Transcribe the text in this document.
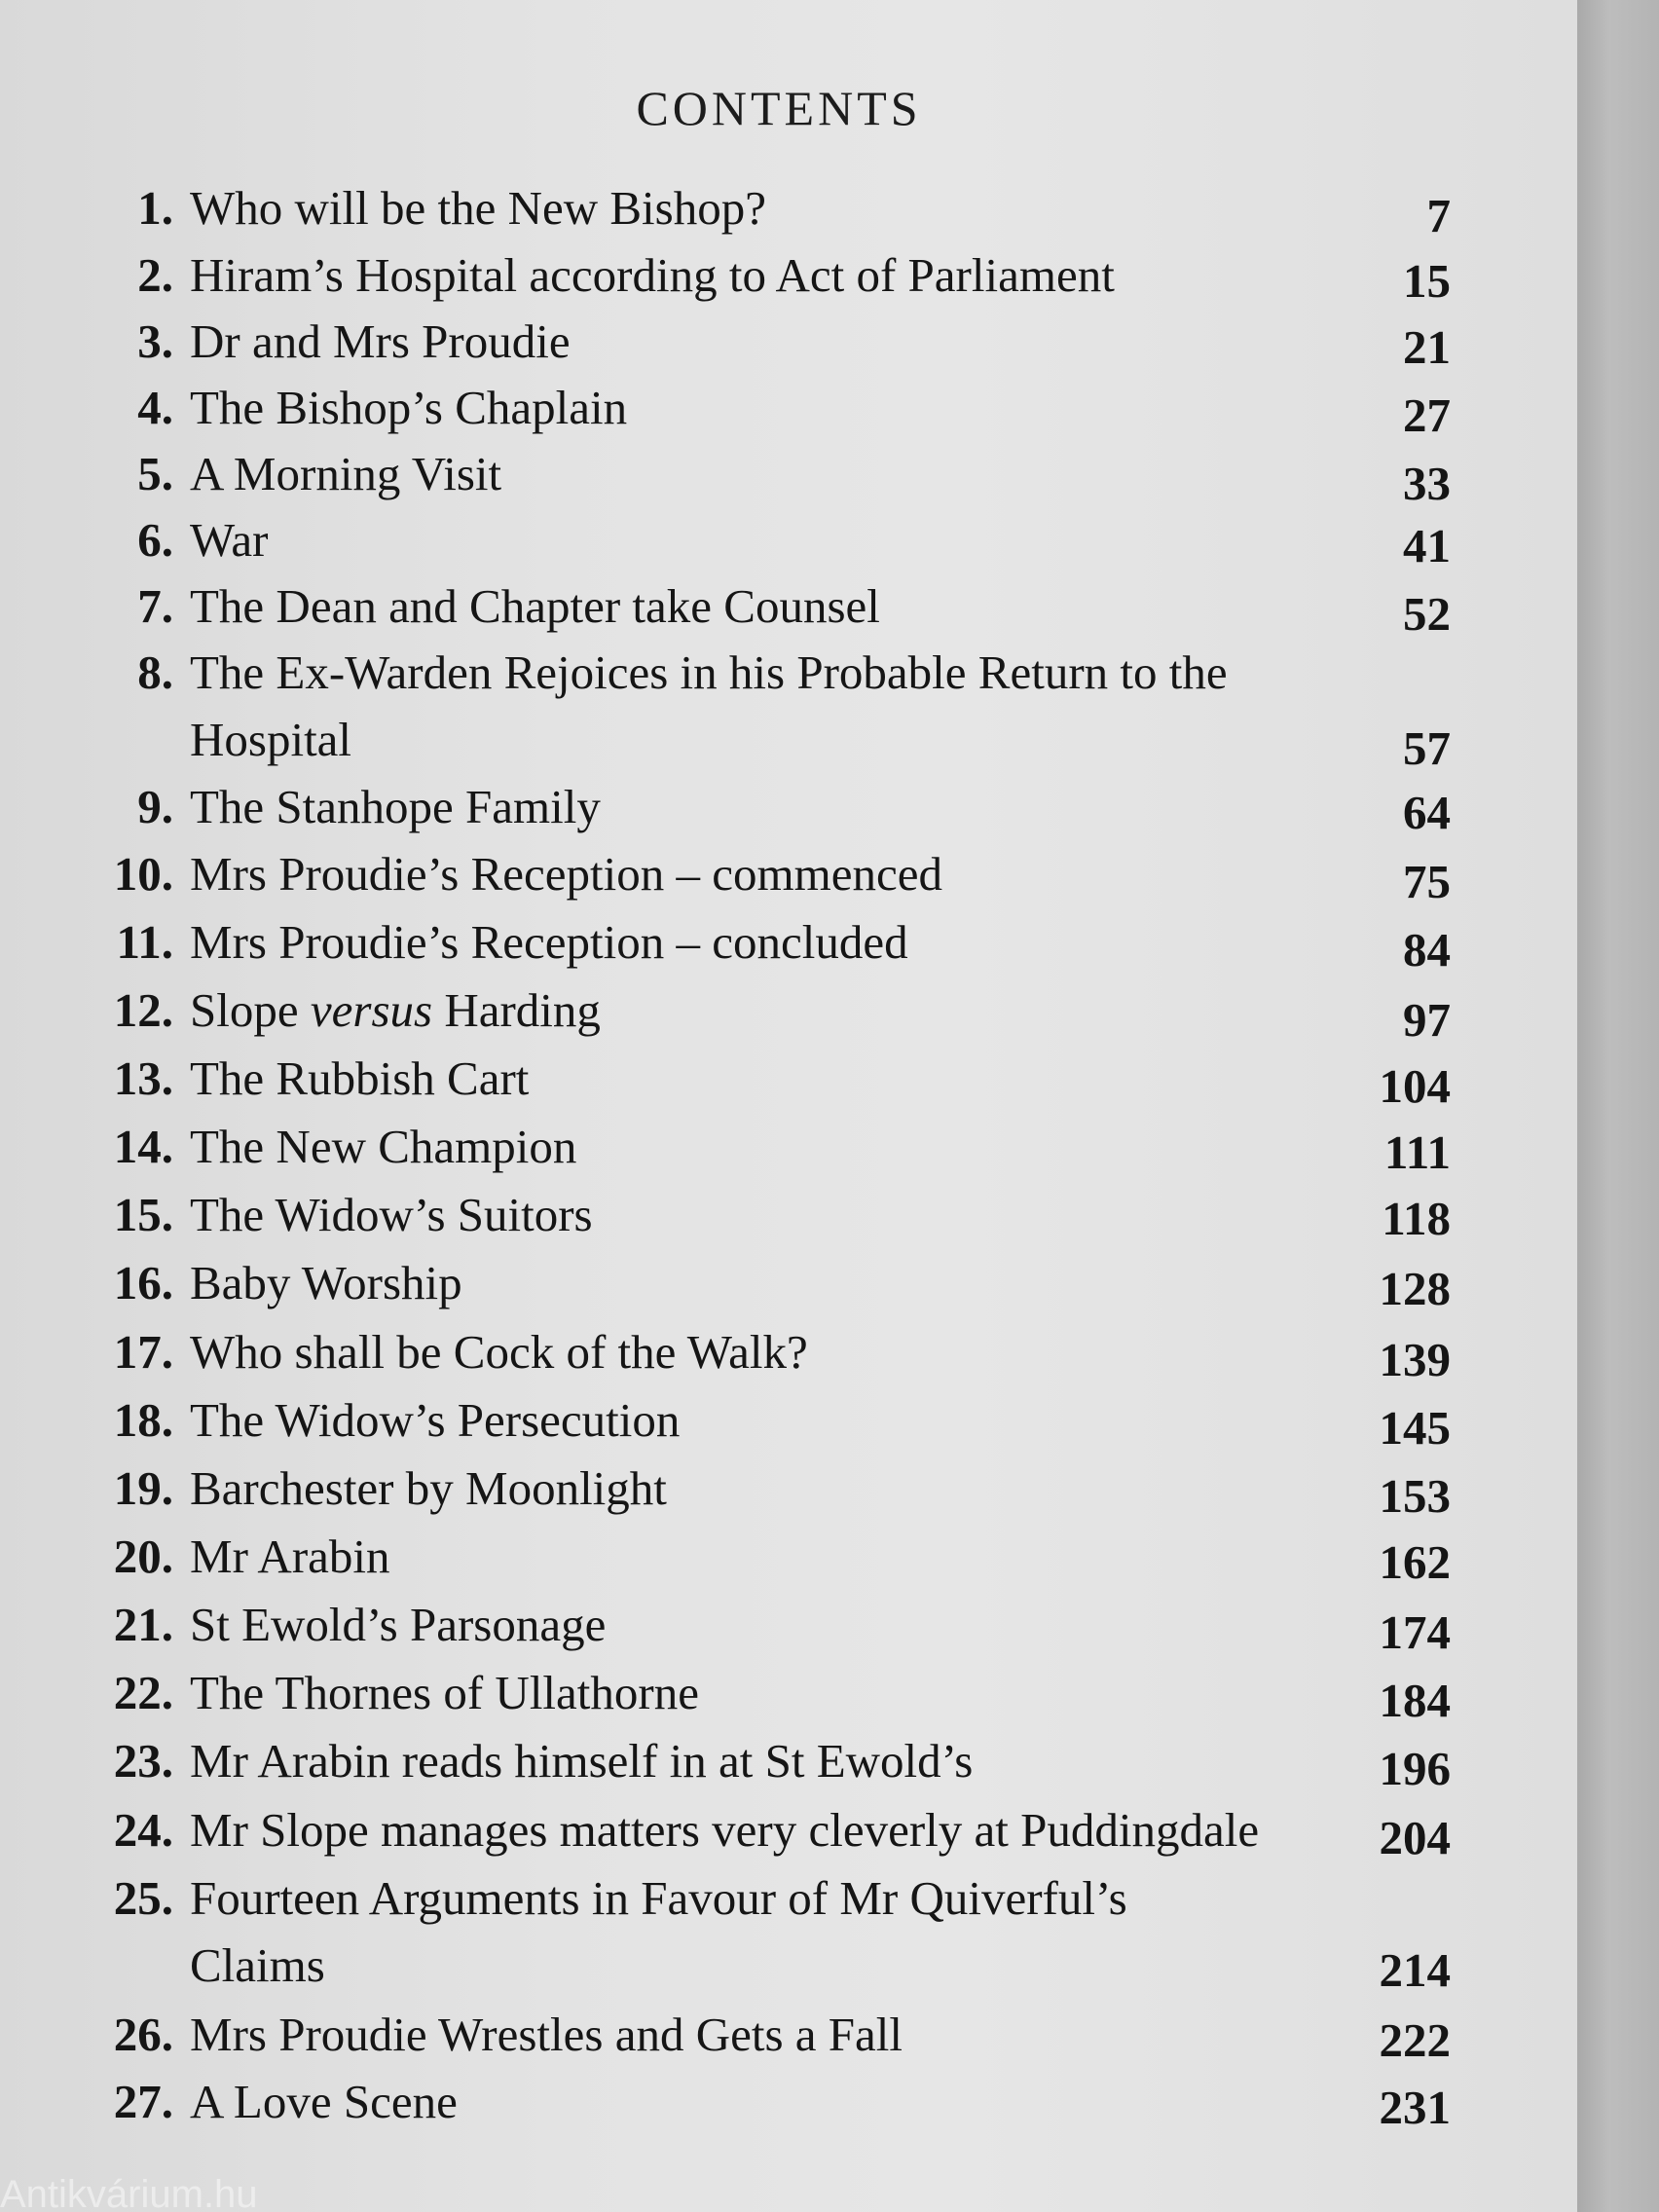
CONTENTS
1. Who will be the New Bishop?	7
2. Hiram’s Hospital according to Act of Parliament	15
3. Dr and Mrs Proudie	21
4. The Bishop’s Chaplain	27
5. A Morning Visit	33
6. War	41
7. The Dean and Chapter take Counsel	52
8. The Ex-Warden Rejoices in his Probable Return to the
Hospital	57
9. The Stanhope Family	64
10. Mrs Proudie’s Reception – commenced	75
11. Mrs Proudie’s Reception – concluded	84
12. Slope versus Harding	97
13. The Rubbish Cart	104
14. The New Champion	111
15. The Widow’s Suitors	118
16. Baby Worship	128
17. Who shall be Cock of the Walk?	139
18. The Widow’s Persecution	145
19. Barchester by Moonlight	153
20. Mr Arabin	162
21. St Ewold’s Parsonage	174
22. The Thornes of Ullathorne	184
23. Mr Arabin reads himself in at St Ewold’s	196
24. Mr Slope manages matters very cleverly at Puddingdale	204
25. Fourteen Arguments in Favour of Mr Quiverful’s
Claims	214
26. Mrs Proudie Wrestles and Gets a Fall	222
27. A Love Scene	231
Antikvárium.hu
